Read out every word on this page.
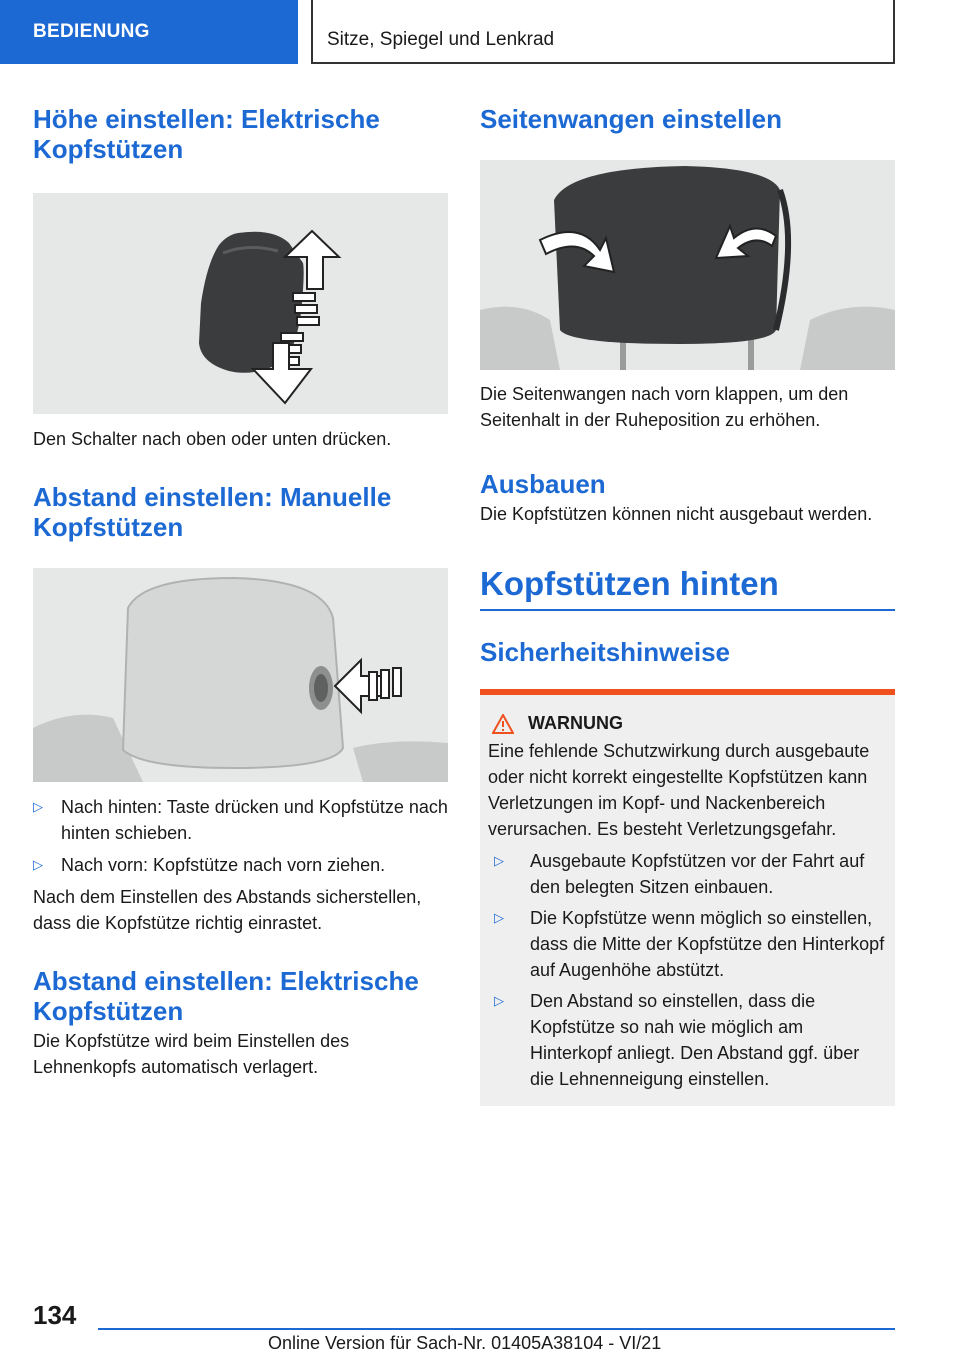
BEDIENUNG	Sitze, Spiegel und Lenkrad
Höhe einstellen: Elektrische Kopfstützen

Den Schalter nach oben oder unten drücken.

Abstand einstellen: Manuelle Kopfstützen
▷ Nach hinten: Taste drücken und Kopfstütze nach hinten schieben.
▷ Nach vorn: Kopfstütze nach vorn ziehen.

Nach dem Einstellen des Abstands sicherstellen, dass die Kopfstütze richtig einrastet.

Abstand einstellen: Elektrische Kopfstützen

Die Kopfstütze wird beim Einstellen des Lehnenkopfs automatisch verlagert.

Seitenwangen einstellen

Die Seitenwangen nach vorn klappen, um den Seitenhalt in der Ruheposition zu erhöhen.

Ausbauen

Die Kopfstützen können nicht ausgebaut werden.

Kopfstützen hinten
Sicherheitshinweise
WARNUNG

Eine fehlende Schutzwirkung durch ausgebaute oder nicht korrekt eingestellte Kopfstützen kann Verletzungen im Kopf- und Nackenbereich verursachen. Es besteht Verletzungsgefahr.

▷ Ausgebaute Kopfstützen vor der Fahrt auf den belegten Sitzen einbauen.
▷ Die Kopfstütze wenn möglich so einstellen, dass die Mitte der Kopfstütze den Hinterkopf auf Augenhöhe abstützt.
▷ Den Abstand so einstellen, dass die Kopfstütze so nah wie möglich am Hinterkopf anliegt. Den Abstand ggf. über die Lehnenneigung einstellen.
134
Online Version für Sach-Nr. 01405A38104 - VI/21
